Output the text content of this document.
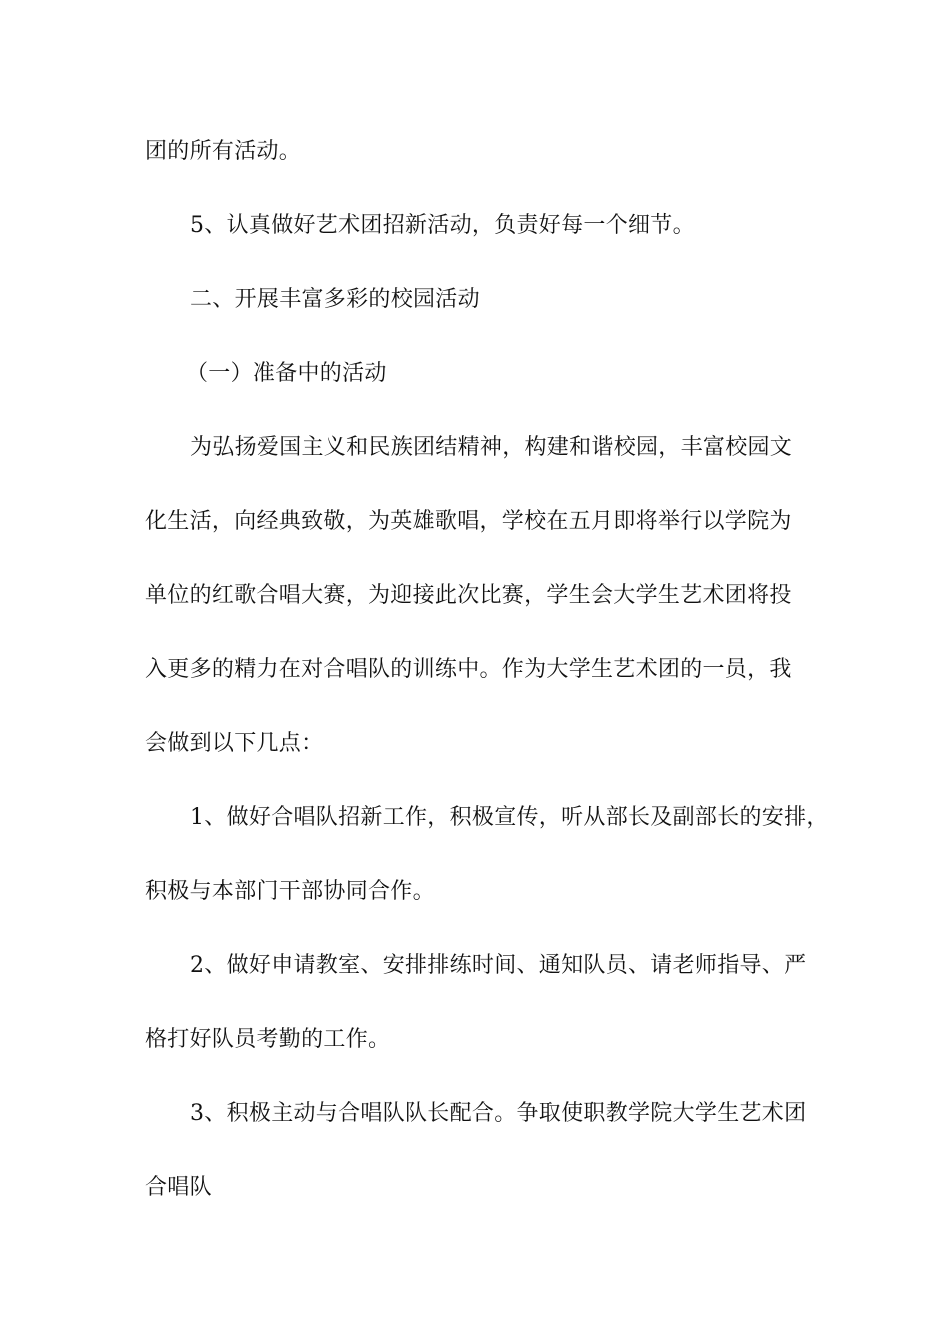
团的所有活动。
5、认真做好艺术团招新活动，负责好每一个细节。
二、开展丰富多彩的校园活动
（一）准备中的活动
为弘扬爱国主义和民族团结精神，构建和谐校园，丰富校园文
化生活，向经典致敬，为英雄歌唱，学校在五月即将举行以学院为
单位的红歌合唱大赛，为迎接此次比赛，学生会大学生艺术团将投
入更多的精力在对合唱队的训练中。作为大学生艺术团的一员，我
会做到以下几点：
1、做好合唱队招新工作，积极宣传，听从部长及副部长的安排，
积极与本部门干部协同合作。
2、做好申请教室、安排排练时间、通知队员、请老师指导、严
格打好队员考勤的工作。
3、积极主动与合唱队队长配合。争取使职教学院大学生艺术团
合唱队
